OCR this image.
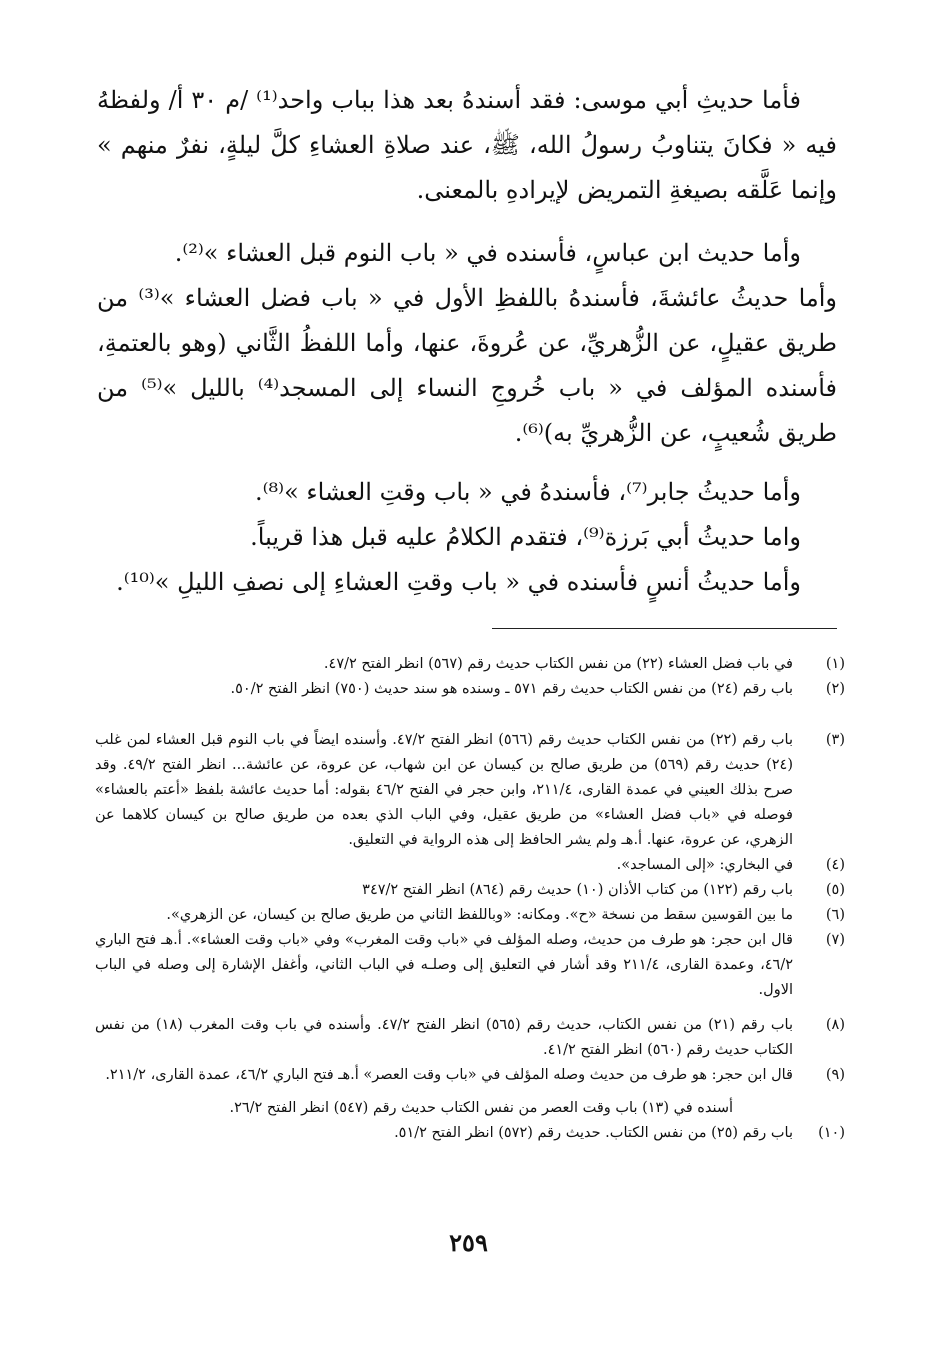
فأما حديثِ أبي موسى: فقد أسندهُ بعد هذا بباب واحد⁽¹⁾ /م ٣٠ أ/ ولفظهُ فيه « فكانَ يتناوبُ رسولُ الله، ﷺ، عند صلاةِ العشاءِ كلَّ ليلةٍ، نفرٌ منهم » وإنما عَلَّقه بصيغةِ التمريض لإيرادهِ بالمعنى.

وأما حديث ابن عباسٍ، فأسنده في « باب النوم قبل العشاء »⁽²⁾.

وأما حديثُ عائشةَ، فأسندهُ باللفظِ الأول في « باب فضل العشاء »⁽³⁾ من طريق عقيلٍ، عن الزُّهريِّ، عن عُروةَ، عنها، وأما اللفظُ الثَّاني (وهو بالعتمةِ، فأسنده المؤلف في « باب خُروجِ النساء إلى المسجد⁽⁴⁾ بالليل »⁽⁵⁾ من طريق شُعيبٍ، عن الزُّهريِّ به)⁽⁶⁾.

وأما حديثُ جابر⁽⁷⁾، فأسندهُ في « باب وقتِ العشاء »⁽⁸⁾.

واما حديثُ أبي بَرزة⁽⁹⁾، فتقدم الكلامُ عليه قبل هذا قريباً.

وأما حديثُ أنسٍ فأسنده في « باب وقتِ العشاءِ إلى نصفِ الليلِ »⁽¹⁰⁾.

(١)
في باب فضل العشاء (٢٢) من نفس الكتاب حديث رقم (٥٦٧) انظر الفتح ٤٧/٢.
(٢)
باب رقم (٢٤) من نفس الكتاب حديث رقم ٥٧١ ـ وسنده هو سند حديث (٧٥٠) انظر الفتح ٥٠/٢.
(٣)
باب رقم (٢٢) من نفس الكتاب حديث رقم (٥٦٦) انظر الفتح ٤٧/٢. وأسنده ايضاً في باب النوم قبل العشاء لمن غلب (٢٤) حديث رقم (٥٦٩) من طريق صالح بن كيسان عن ابن شهاب، عن عروة، عن عائشة... انظر الفتح ٤٩/٢. وقد صرح بذلك العيني في عمدة القارى، ٢١١/٤، وابن حجر في الفتح ٤٦/٢ بقوله: أما حديث عائشة بلفظ «أعتم بالعشاء» فوصله في «باب فضل العشاء» من طريق عقيل، وفي الباب الذي بعده من طريق صالح بن كيسان كلاهما عن الزهري، عن عروة، عنها. أ.هـ ولم يشر الحافظ إلى هذه الرواية في التعليق.
(٤)
في البخاري: «إلى المساجد».
(٥)
باب رقم (١٢٢) من كتاب الأذان (١٠) حديث رقم (٨٦٤) انظر الفتح ٣٤٧/٢
(٦)
ما بين القوسين سقط من نسخة «ح». ومكانه: «وباللفظ الثاني من طريق صالح بن كيسان، عن الزهري».
(٧)
قال ابن حجر: هو طرف من حديث، وصله المؤلف في «باب وقت المغرب» وفي «باب وقت العشاء». أ.هـ فتح الباري ٤٦/٢، وعمدة القارى، ٢١١/٤ وقد أشار في التعليق إلى وصلـه في الباب الثاني، وأغفل الإشارة إلى وصله في الباب الاول.
(٨)
باب رقم (٢١) من نفس الكتاب، حديث رقم (٥٦٥) انظر الفتح ٤٧/٢. وأسنده في باب وقت المغرب (١٨) من نفس الكتاب حديث رقم (٥٦٠) انظر الفتح ٤١/٢.
(٩)
قال ابن حجر: هو طرف من حديث وصله المؤلف في «باب وقت العصر» أ.هـ فتح الباري ٤٦/٢، عمدة القارى، ٢١١/٢.

أسنده في (١٣) باب وقت العصر من نفس الكتاب حديث رقم (٥٤٧) انظر الفتح ٢٦/٢.

(١٠)
باب رقم (٢٥) من نفس الكتاب. حديث رقم (٥٧٢) انظر الفتح ٥١/٢.
٢٥٩
